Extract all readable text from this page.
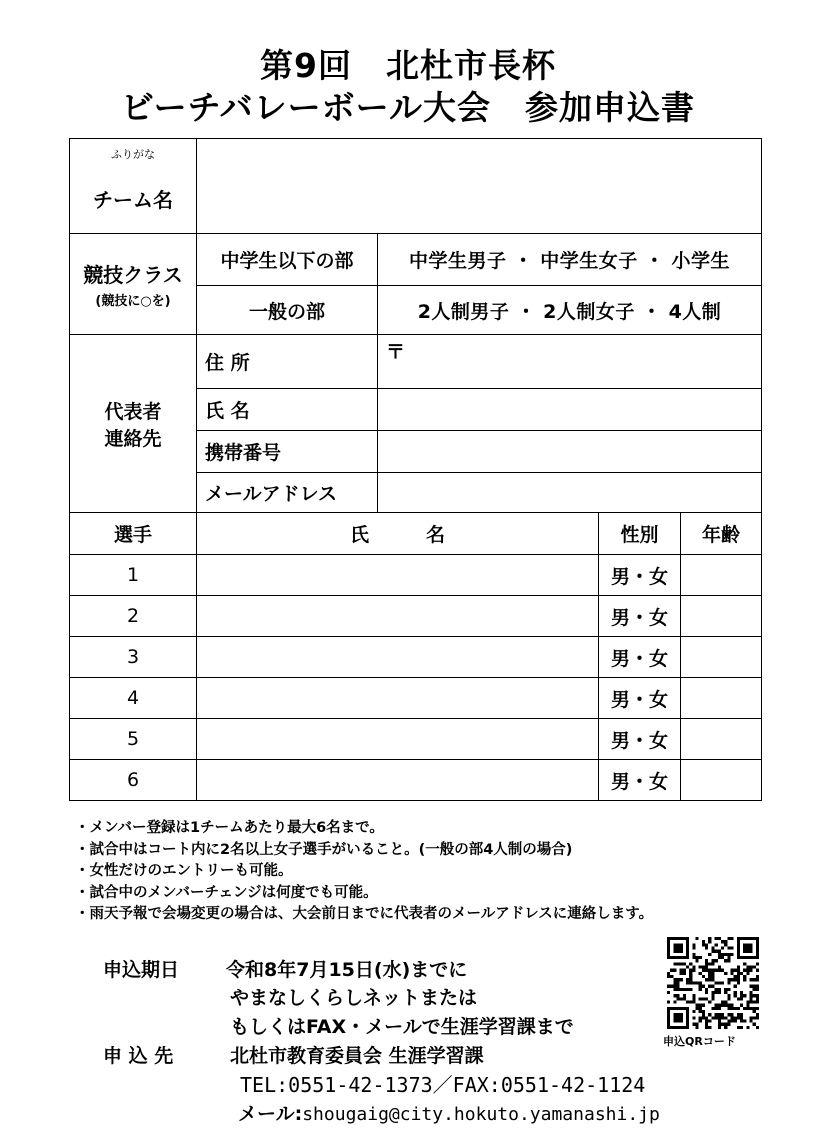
第9回　北杜市長杯
ビーチバレーボール大会　参加申込書
ふりがな
チーム名				

競技クラス
(競技に○を)	中学生以下の部	中学生男子 ・ 中学生女子 ・ 小学生		
	一般の部	2人制男子 ・ 2人制女子 ・ 4人制		

代表者
連絡先	住 所	〒		
	氏 名			
	携帯番号			
	メールアドレス			
選手	氏　　　名		性別	年齢
1			男・女	
2			男・女	
3			男・女	
4			男・女	
5			男・女	
6			男・女	
・メンバー登録は1チームあたり最大6名まで。
・試合中はコート内に2名以上女子選手がいること。(一般の部4人制の場合)
・女性だけのエントリーも可能。
・試合中のメンバーチェンジは何度でも可能。
・雨天予報で会場変更の場合は、大会前日までに代表者のメールアドレスに連絡します。
申込期日 令和8年7月15日(水)までに
やまなしくらしネットまたは
もしくはFAX・メールで生涯学習課まで
申 込 先	北杜市教育委員会 生涯学習課
TEL:0551-42-1373／FAX:0551-42-1124
メール:shougaig@city.hokuto.yamanashi.jp
申込QRコード
